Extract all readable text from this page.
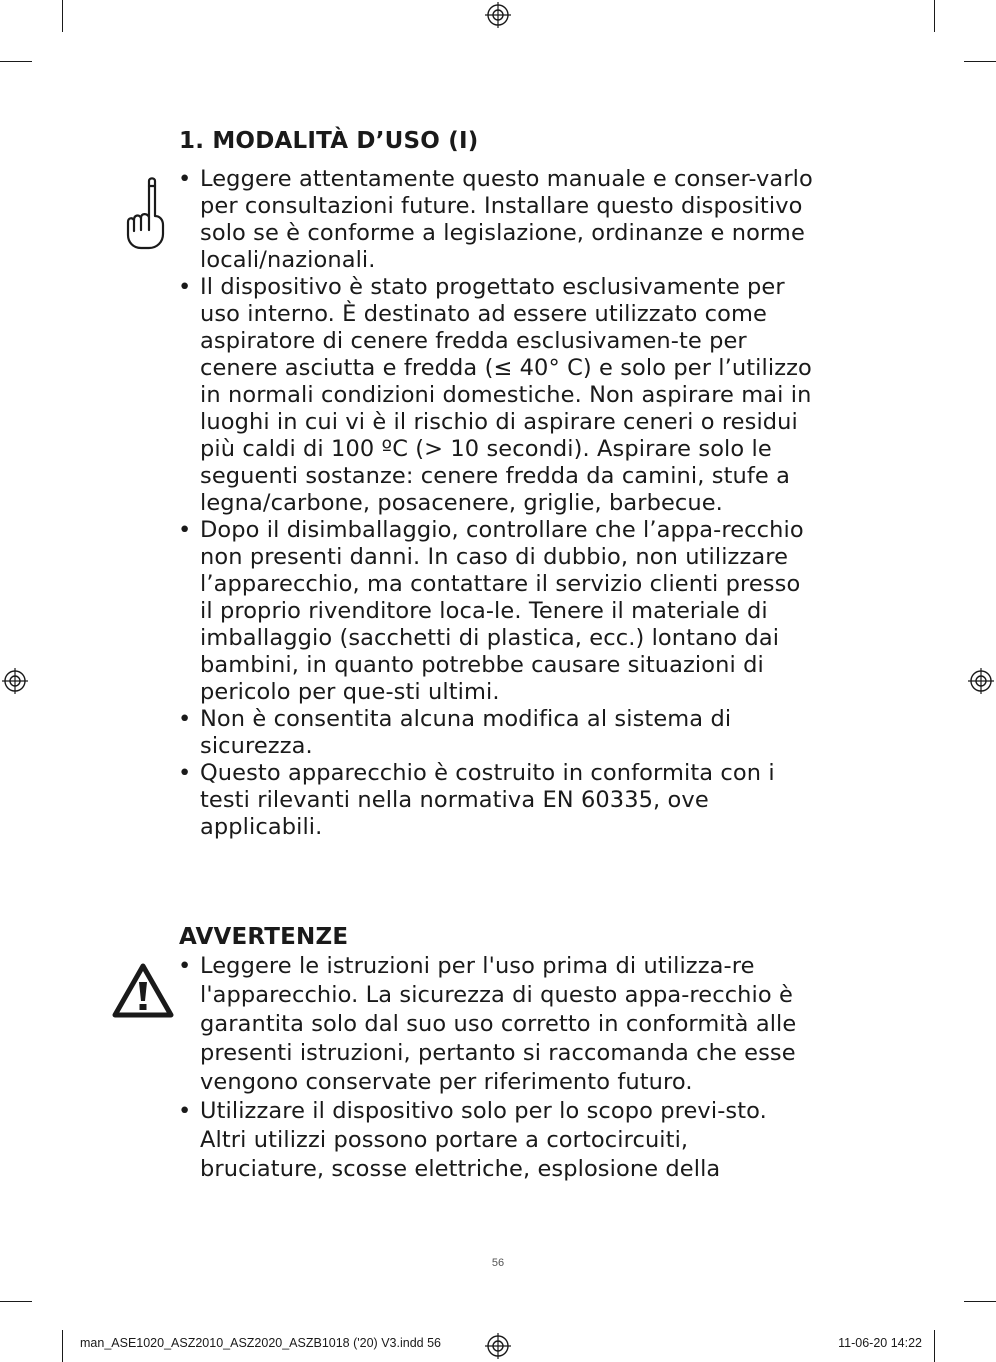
1. MODALITÀ D’USO (I)
• Leggere attentamente questo manuale e conser-varlo per consultazioni future. Installare questo dispositivo solo se è conforme a legislazione, ordinanze e norme locali/nazionali.
• Il dispositivo è stato progettato esclusivamente per uso interno. È destinato ad essere utilizzato come aspiratore di cenere fredda esclusivamen-te per cenere asciutta e fredda (≤ 40° C) e solo per l’utilizzo in normali condizioni domestiche. Non aspirare mai in luoghi in cui vi è il rischio di aspirare ceneri o residui più caldi di 100 ºC (> 10 secondi). Aspirare solo le seguenti sostanze: cenere fredda da camini, stufe a legna/carbone, posacenere, griglie, barbecue.
• Dopo il disimballaggio, controllare che l’appa-recchio non presenti danni. In caso di dubbio, non utilizzare l’apparecchio, ma contattare il servizio clienti presso il proprio rivenditore loca-le. Tenere il materiale di imballaggio (sacchetti di plastica, ecc.) lontano dai bambini, in quanto potrebbe causare situazioni di pericolo per que-sti ultimi.
• Non è consentita alcuna modifica al sistema di sicurezza.
• Questo apparecchio è costruito in conformita con i testi rilevanti nella normativa EN 60335, ove applicabili.
AVVERTENZE
• Leggere le istruzioni per l'uso prima di utilizza-re l'apparecchio. La sicurezza di questo appa-recchio è garantita solo dal suo uso corretto in conformità alle presenti istruzioni, pertanto si raccomanda che esse vengono conservate per riferimento futuro.
• Utilizzare il dispositivo solo per lo scopo previ-sto. Altri utilizzi possono portare a cortocircuiti, bruciature, scosse elettriche, esplosione della
56
man_ASE1020_ASZ2010_ASZ2020_ASZB1018 ('20) V3.indd 56	11-06-20 14:22
